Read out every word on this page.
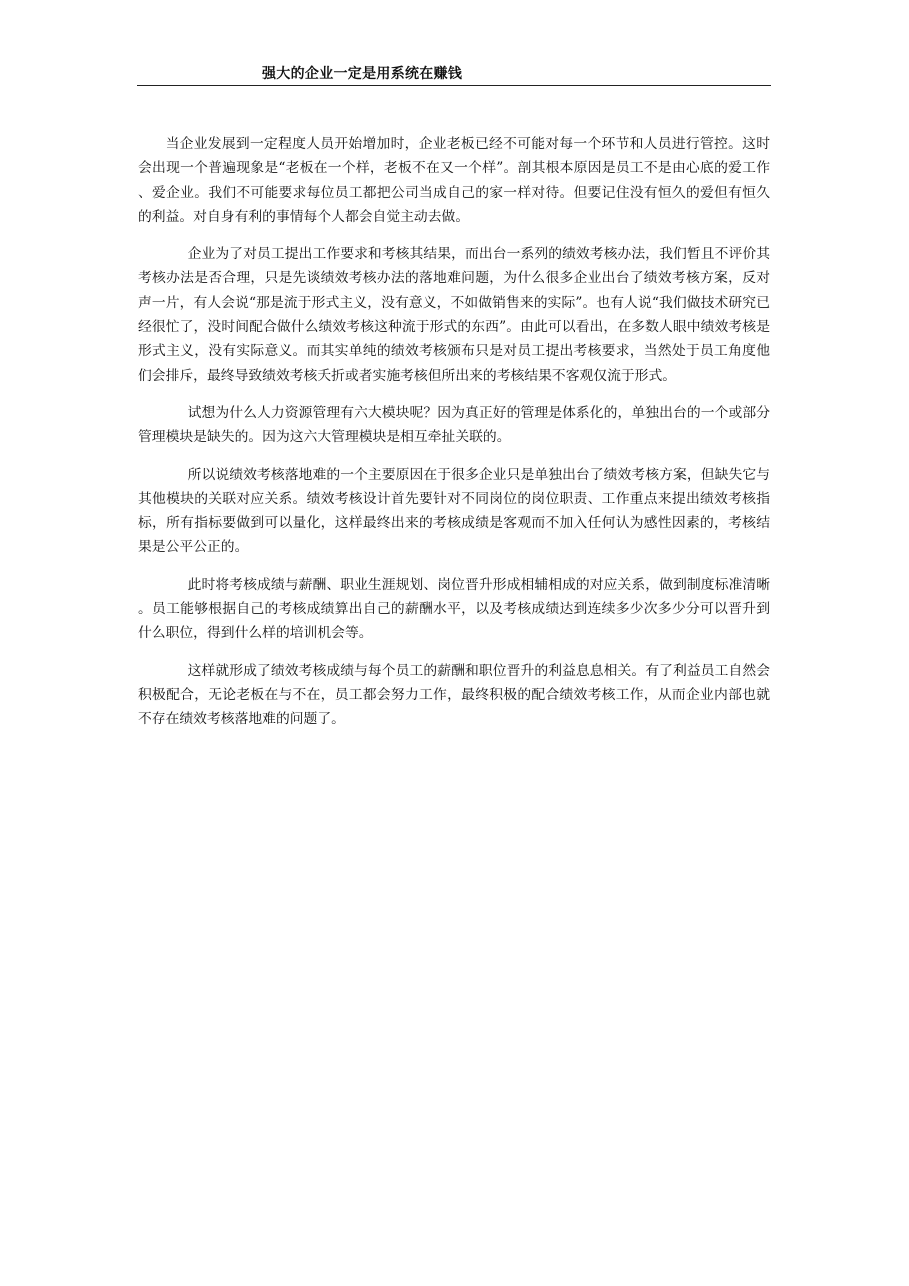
强大的企业一定是用系统在赚钱

当企业发展到一定程度人员开始增加时，企业老板已经不可能对每一个环节和人员进行管控。这时会出现一个普遍现象是“老板在一个样，老板不在又一个样”。剖其根本原因是员工不是由心底的爱工作、爱企业。我们不可能要求每位员工都把公司当成自己的家一样对待。但要记住没有恒久的爱但有恒久的利益。对自身有利的事情每个人都会自觉主动去做。

企业为了对员工提出工作要求和考核其结果，而出台一系列的绩效考核办法，我们暂且不评价其考核办法是否合理，只是先谈绩效考核办法的落地难问题，为什么很多企业出台了绩效考核方案，反对声一片，有人会说“那是流于形式主义，没有意义，不如做销售来的实际”。也有人说“我们做技术研究已经很忙了，没时间配合做什么绩效考核这种流于形式的东西”。由此可以看出，在多数人眼中绩效考核是形式主义，没有实际意义。而其实单纯的绩效考核颁布只是对员工提出考核要求，当然处于员工角度他们会排斥，最终导致绩效考核夭折或者实施考核但所出来的考核结果不客观仅流于形式。

试想为什么人力资源管理有六大模块呢？因为真正好的管理是体系化的，单独出台的一个或部分管理模块是缺失的。因为这六大管理模块是相互牵扯关联的。

所以说绩效考核落地难的一个主要原因在于很多企业只是单独出台了绩效考核方案，但缺失它与其他模块的关联对应关系。绩效考核设计首先要针对不同岗位的岗位职责、工作重点来提出绩效考核指标，所有指标要做到可以量化，这样最终出来的考核成绩是客观而不加入任何认为感性因素的，考核结果是公平公正的。

此时将考核成绩与薪酬、职业生涯规划、岗位晋升形成相辅相成的对应关系，做到制度标准清晰。员工能够根据自己的考核成绩算出自己的薪酬水平，以及考核成绩达到连续多少次多少分可以晋升到什么职位，得到什么样的培训机会等。

这样就形成了绩效考核成绩与每个员工的薪酬和职位晋升的利益息息相关。有了利益员工自然会积极配合，无论老板在与不在，员工都会努力工作，最终积极的配合绩效考核工作，从而企业内部也就不存在绩效考核落地难的问题了。
